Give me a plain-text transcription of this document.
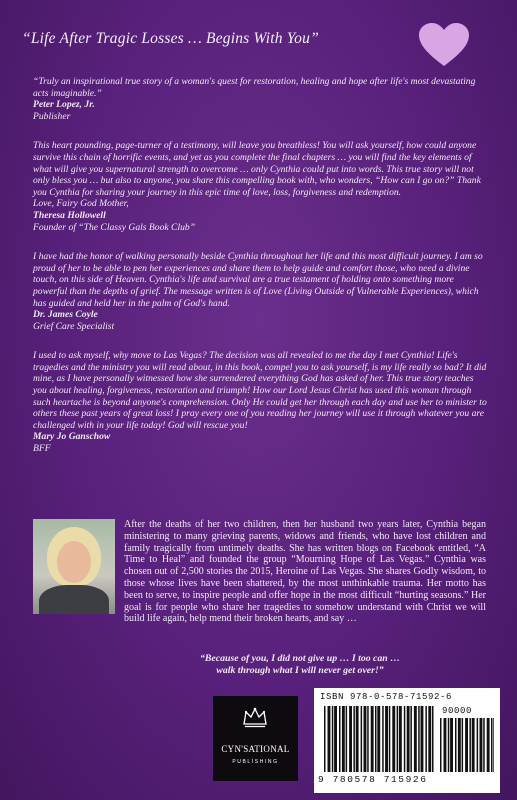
“Life After Tragic Losses … Begins With You”

“Truly an inspirational true story of a woman's quest for restoration, healing and hope after life's most devastating acts imaginable.”

Peter Lopez, Jr.
Publisher

This heart pounding, page-turner of a testimony, will leave you breathless! You will ask yourself, how could anyone survive this chain of horrific events, and yet as you complete the final chapters … you will find the key elements of what will give you supernatural strength to overcome … only Cynthia could put into words. This true story will not only bless you … but also to anyone, you share this compelling book with, who wonders, “How can I go on?” Thank you Cynthia for sharing your journey in this epic time of love, loss, forgiveness and redemption.

Love, Fairy God Mother,
Theresa Hollowell
Founder of “The Classy Gals Book Club”

I have had the honor of walking personally beside Cynthia throughout her life and this most difficult journey. I am so proud of her to be able to pen her experiences and share them to help guide and comfort those, who need a divine touch, on this side of Heaven. Cynthia's life and survival are a true testament of holding onto something more powerful than the depths of grief. The message written is of Love (Living Outside of Vulnerable Experiences), which has guided and held her in the palm of God's hand.

Dr. James Coyle
Grief Care Specialist

I used to ask myself, why move to Las Vegas? The decision was all revealed to me the day I met Cynthia! Life's tragedies and the ministry you will read about, in this book, compel you to ask yourself, is my life really so bad? It did mine, as I have personally witnessed how she surrendered everything God has asked of her. This true story teaches you about healing, forgiveness, restoration and triumph! How our Lord Jesus Christ has used this woman through such heartache is beyond anyone's comprehension. Only He could get her through each day and use her to minister to others these past years of great loss! I pray every one of you reading her journey will use it through whatever you are challenged with in your life today! God will rescue you!

Mary Jo Ganschow
BFF
After the deaths of her two children, then her husband two years later, Cynthia began ministering to many grieving parents, widows and friends, who have lost children and family tragically from untimely deaths. She has written blogs on Facebook entitled, “A Time to Heal” and founded the group “Mourning Hope of Las Vegas.” Cynthia was chosen out of 2,500 stories the 2015, Heroine of Las Vegas. She shares Godly wisdom, to those whose lives have been shattered, by the most unthinkable trauma. Her motto has been to serve, to inspire people and offer hope in the most difficult “hurting seasons.” Her goal is for people who share her tragedies to somehow understand with Christ we will build life again, help mend their broken hearts, and say …
“Because of you, I did not give up … I too can …
walk through what I will never get over!”
CYN'SATIONAL
PUBLISHING
ISBN 978-0-578-71592-6
90000
9 780578 715926
